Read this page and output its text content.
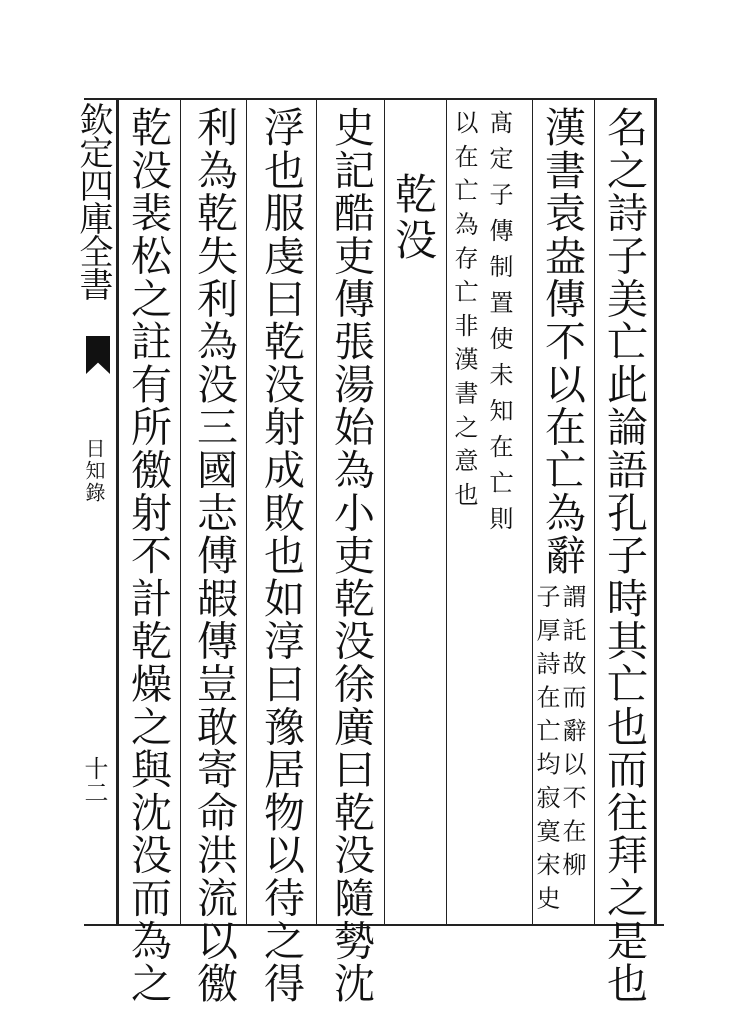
欽定四庫全書
日知錄
十二	名之詩子美亡此論語孔子時其亡也而往拜之是也
漢書袁盎傳不以在亡為辭
謂託故而辭以不在柳
子厚詩在亡均寂寞宋史
髙定子傳制置使未知在亡則
以在亡為存亡非漢書之意也
乾没
史記酷吏傳張湯始為小吏乾没徐廣曰乾没隨勢沈
浮也服虔曰乾没射成敗也如淳曰豫居物以待之得
利為乾失利為没三國志傅嘏傳豈敢寄命洪流以徼
乾没裴松之註有所徼射不計乾燥之與沈没而為之
